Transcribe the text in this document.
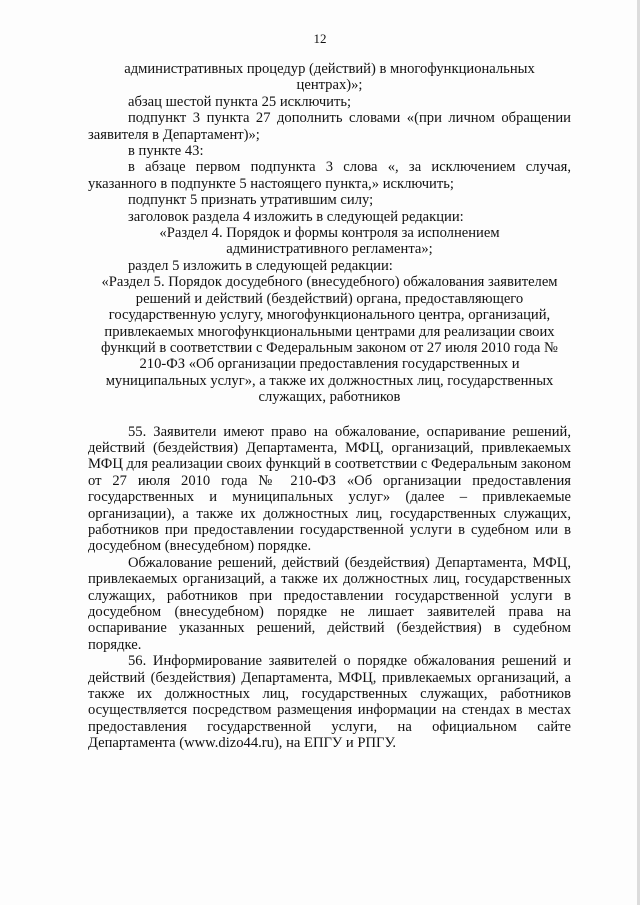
12

административных процедур (действий) в многофункциональных центрах)»;

абзац шестой пункта 25 исключить;

подпункт 3 пункта 27 дополнить словами «(при личном обращении заявителя в Департамент)»;

в пункте 43:

в абзаце первом подпункта 3 слова «, за исключением случая, указанного в подпункте 5 настоящего пункта,» исключить;

подпункт 5 признать утратившим силу;

заголовок раздела 4 изложить в следующей редакции:

«Раздел 4. Порядок и формы контроля за исполнением административного регламента»;

раздел 5 изложить в следующей редакции:

«Раздел 5. Порядок досудебного (внесудебного) обжалования заявителем решений и действий (бездействий) органа, предоставляющего государственную услугу, многофункционального центра, организаций, привлекаемых многофункциональными центрами для реализации своих функций в соответствии с Федеральным законом от 27 июля 2010 года № 210-ФЗ «Об организации предоставления государственных и муниципальных услуг», а также их должностных лиц, государственных служащих, работников

55. Заявители имеют право на обжалование, оспаривание решений, действий (бездействия) Департамента, МФЦ, организаций, привлекаемых МФЦ для реализации своих функций в соответствии с Федеральным законом от 27 июля 2010 года № 210-ФЗ «Об организации предоставления государственных и муниципальных услуг» (далее – привлекаемые организации), а также их должностных лиц, государственных служащих, работников при предоставлении государственной услуги в судебном или в досудебном (внесудебном) порядке.

Обжалование решений, действий (бездействия) Департамента, МФЦ, привлекаемых организаций, а также их должностных лиц, государственных служащих, работников при предоставлении государственной услуги в досудебном (внесудебном) порядке не лишает заявителей права на оспаривание указанных решений, действий (бездействия) в судебном порядке.

56. Информирование заявителей о порядке обжалования решений и действий (бездействия) Департамента, МФЦ, привлекаемых организаций, а также их должностных лиц, государственных служащих, работников осуществляется посредством размещения информации на стендах в местах предоставления государственной услуги, на официальном сайте Департамента (www.dizo44.ru), на ЕПГУ и РПГУ.
